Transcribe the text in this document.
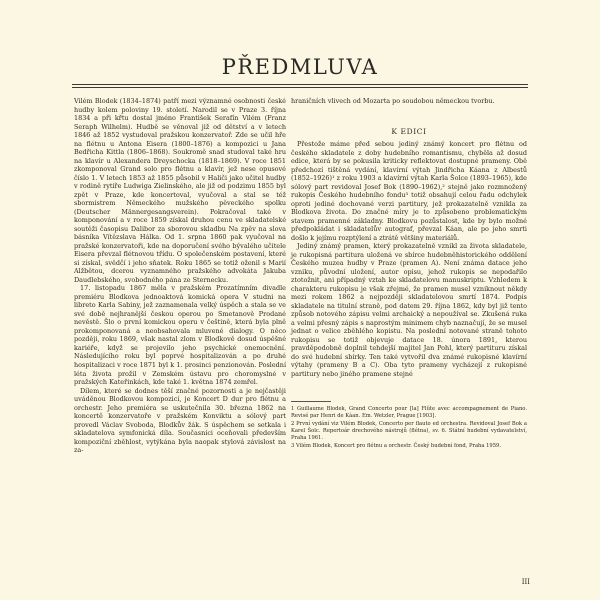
PŘEDMLUVA

Vilém Blodek (1834–1874) patří mezi významné osobnosti české hudby kolem poloviny 19. století. Narodil se v Praze 3. října 1834 a při křtu dostal jméno František Serafín Vilém (Franz Seraph Wilhelm). Hudbě se věnoval již od dětství a v letech 1846 až 1852 vystudoval pražskou konzervatoř. Zde se učil hře na flétnu u Antona Eisera (1800–1876) a kompozici u Jana Bedřicha Kittla (1806–1868). Soukromě snad studoval také hru na klavír u Alexandera Dreyschocka (1818–1869). V roce 1851 zkomponoval Grand solo pro flétnu a klavír, jež nese opusové číslo 1. V letech 1853 až 1855 působil v Haliči jako učitel hudby v rodině rytíře Ludwiga Zielinského, ale již od podzimu 1855 byl zpět v Praze, kde koncertoval, vyučoval a stal se též sbormistrem Německého mužského pěveckého spolku (Deutscher Männergesangsverein). Pokračoval také v komponování a v roce 1859 získal druhou cenu ve skladatelské soutěži časopisu Dalibor za sborovou skladbu Na zpěv na slova básníka Vítězslava Hálka. Od 1. srpna 1860 pak vyučoval na pražské konzervatoři, kde na doporučení svého bývalého učitele Eisera převzal flétnovou třídu. O společenském postavení, které si získal, svědčí i jeho sňatek. Roku 1865 se totiž oženil s Marií Alžbětou, dcerou vyznamného pražského advokáta Jakuba Daudlebského, svobodného pána ze Sternecku.

17. listopadu 1867 měla v pražském Prozatímním divadle premiéru Blodkova jednoaktová komická opera V studni na libreto Karla Sabiny, jež zaznamenala velký úspěch a stala se ve své době nejhranější českou operou po Smetanově Prodané nevěstě. Šlo o první komickou operu v češtině, která byla plně prokomponovaná a neobsahovala mluvené dialogy. O něco později, roku 1869, však nastal zlom v Blodkově dosud úspěšné kariéře, když se projevilo jeho psychické onemocnění. Následujícího roku byl poprvé hospitalizován a po druhé hospitalizaci v roce 1871 byl k 1. prosinci penzionován. Poslední léta života prožil v Zemském ústavu pro choromyslné v pražských Kateřinkách, kde také 1. května 1874 zemřel.

Dílem, které se dodnes těší značné pozornosti a je nejčastěji uváděnou Blodkovou kompozicí, je Koncert D dur pro flétnu a orchestr. Jeho premiéra se uskutečnila 30. března 1862 na koncertě konzervatoře v pražském Konviktu a sólový part provedl Václav Svoboda, Blodkův žák. S úspěchem se setkala i skladatelova symfonická díla. Současníci oceňovali především kompoziční zběhlost, vytýkána byla naopak stylová závislost na za-

hraničních vlivech od Mozarta po soudobou německou tvorbu.

K EDICI

Přestože máme před sebou jediný známý koncert pro flétnu od českého skladatele z doby hudebního romantismu, chyběla až dosud edice, která by se pokusila kriticky reflektovat dostupné prameny. Obě předchozí tištěná vydání, klavírní výtah Jindřicha Káana z Albestů (1852–1926)¹ z roku 1903 a klavírní výtah Karla Šolce (1893–1965), kde sólový part revidoval Josef Bok (1890–1962),² stejně jako rozmnožený rukopis Českého hudebního fondu³ totiž obsahují celou řadu odchylek oproti jediné dochované verzi partitury, jež prokazatelně vznikla za Blodkova života. Do značné míry je to způsobeno problematickým stavem pramenné základny. Blodkovu pozůstalost, kde by bylo možné předpokládat i skladatelův autograf, převzal Káan, ale po jeho smrti došlo k jejímu rozptýlení a ztrátě většiny materiálů.

Jediný známý pramen, který prokazatelně vznikl za života skladatele, je rukopisná partitura uložená ve sbírce hudebněhistorického oddělení Českého muzea hudby v Praze (pramen A). Není známa datace jeho vzniku, původní uložení, autor opisu, jehož rukopis se nepodařilo ztotožnit, ani případný vztah ke skladatelovu manuskriptu. Vzhledem k charakteru rukopisu je však zřejmé, že pramen musel vzniknout někdy mezi rokem 1862 a nejpozději skladatelovou smrtí 1874. Podpis skladatele na titulní straně, pod datem 29. října 1862, kdy byl již tento způsob notového zápisu velmi archaický a nepoužíval se. Zkušená ruka a velmi přesný zápis s naprostým minimem chyb naznačují, že se musel jednat o velice zběhlého kopistu. Na poslední notované straně tohoto rukopisu se totiž objevuje datace 18. února 1891, kterou pravděpodobně doplnil tehdejší majitel Jan Pohl, který partituru získal do své hudební sbírky. Ten také vytvořil dva známé rukopisné klavírní výtahy (prameny B a C). Oba tyto prameny vycházejí z rukopisné partitury nebo jiného pramene stejné

1 Guillaume Blodek, Grand Concerto pour [la] Flûte avec accompagnement de Piano. Revisé par Henri de Kàan. Em. Wetzler, Prague [1903].

2 První vydání viz Vilém Blodek, Concerto per flauto ed orchestra. Revidoval Josef Bok a Karel Šolc. Repertoár drechového nástrojů (flétna), sv. 6. Státní hudební vydavatelství, Praha 1961.

3 Vilém Blodek, Koncert pro flétnu a orchestr. Český hudební fond, Praha 1959.

III
